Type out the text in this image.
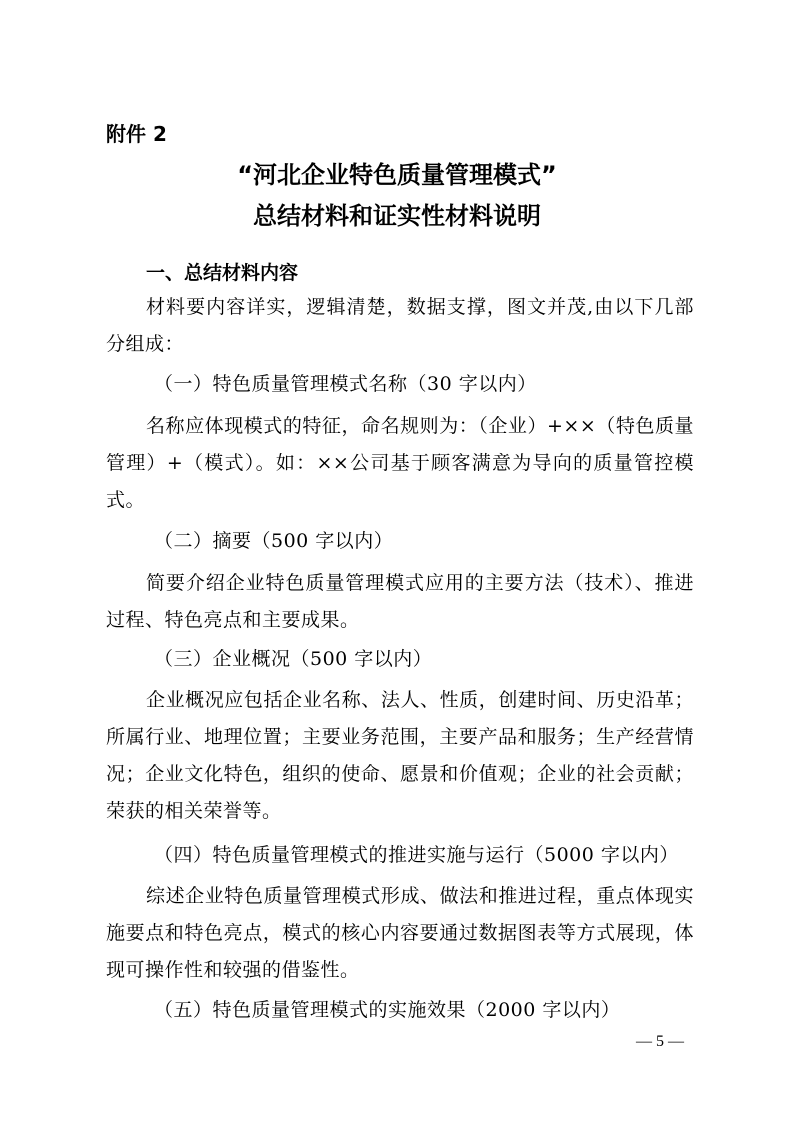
附件 2
“河北企业特色质量管理模式”
总结材料和证实性材料说明
一、总结材料内容

材料要内容详实，逻辑清楚，数据支撑，图文并茂,由以下几部分组成：

（一）特色质量管理模式名称（30 字以内）

名称应体现模式的特征，命名规则为：（企业）+××（特色质量管理）+（模式）。如：××公司基于顾客满意为导向的质量管控模式。

（二）摘要（500 字以内）

简要介绍企业特色质量管理模式应用的主要方法（技术）、推进过程、特色亮点和主要成果。

（三）企业概况（500 字以内）

企业概况应包括企业名称、法人、性质，创建时间、历史沿革；所属行业、地理位置；主要业务范围，主要产品和服务；生产经营情况；企业文化特色，组织的使命、愿景和价值观；企业的社会贡献；荣获的相关荣誉等。

（四）特色质量管理模式的推进实施与运行（5000 字以内）

综述企业特色质量管理模式形成、做法和推进过程，重点体现实施要点和特色亮点，模式的核心内容要通过数据图表等方式展现，体现可操作性和较强的借鉴性。

（五）特色质量管理模式的实施效果（2000 字以内）

— 5 —
